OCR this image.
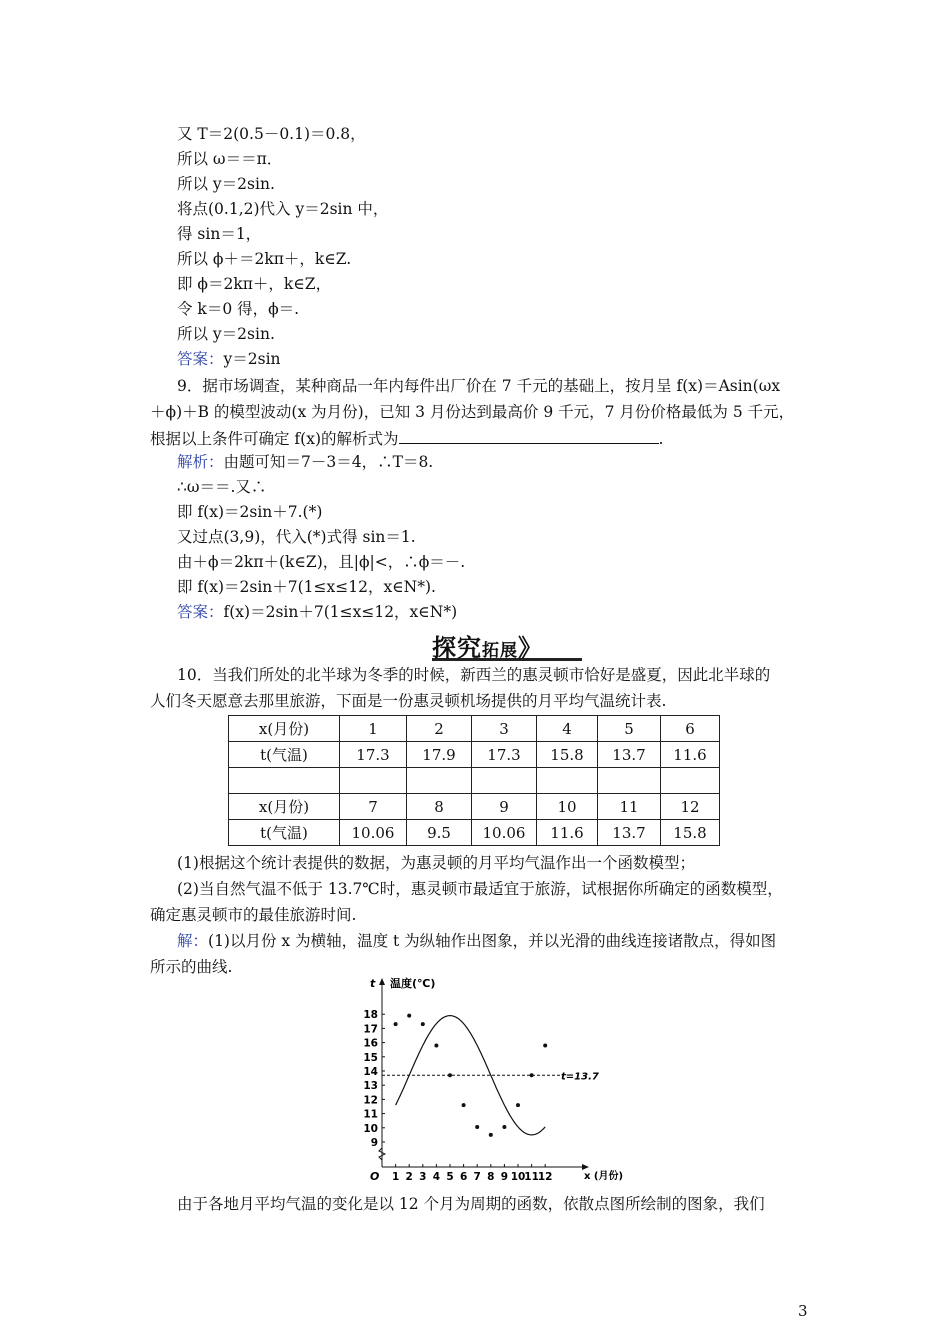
又 T＝2(0.5－0.1)＝0.8，
所以 ω＝＝π．
所以 y＝2sin.
将点(0.1,2)代入 y＝2sin 中，
得 sin＝1，
所以 ϕ＋＝2kπ＋，k∈Z.
即 ϕ＝2kπ＋，k∈Z，
令 k＝0 得，ϕ＝.
所以 y＝2sin.
答案：y＝2sin
9．据市场调查，某种商品一年内每件出厂价在 7 千元的基础上，按月呈 f(x)＝Asin(ωx
＋ϕ)＋B 的模型波动(x 为月份)，已知 3 月份达到最高价 9 千元，7 月份价格最低为 5 千元，
根据以上条件可确定 f(x)的解析式为	.
解析：由题可知＝7－3＝4，∴T＝8.
∴ω＝＝.又∴
即 f(x)＝2sin＋7.(*)
又过点(3,9)，代入(*)式得 sin＝1.
由＋ϕ＝2kπ＋(k∈Z)，且|ϕ|<，∴ϕ＝－.
即 f(x)＝2sin＋7(1≤x≤12，x∈N*).
答案：f(x)＝2sin＋7(1≤x≤12，x∈N*)
探究拓展》
10．当我们所处的北半球为冬季的时候，新西兰的惠灵顿市恰好是盛夏，因此北半球的
人们冬天愿意去那里旅游，下面是一份惠灵顿机场提供的月平均气温统计表.
x(月份)	1	2	3	4	5	6
t(气温)	17.3	17.9	17.3	15.8	13.7	11.6

x(月份)	7	8	9	10	11	12
t(气温)	10.06	9.5	10.06	11.6	13.7	15.8
(1)根据这个统计表提供的数据，为惠灵顿的月平均气温作出一个函数模型；
(2)当自然气温不低于 13.7℃时，惠灵顿市最适宜于旅游，试根据你所确定的函数模型，
确定惠灵顿市的最佳旅游时间.
解：(1)以月份 x 为横轴，温度 t 为纵轴作出图象，并以光滑的曲线连接诸散点，得如图
所示的曲线.
t 温度(℃)
O	x (月份)
1 2 3 4 5 6 7 8 9 10
11
12
9
10
11
12
13
14
15
16
17
18
t=13.7
由于各地月平均气温的变化是以 12 个月为周期的函数，依散点图所绘制的图象，我们
3
